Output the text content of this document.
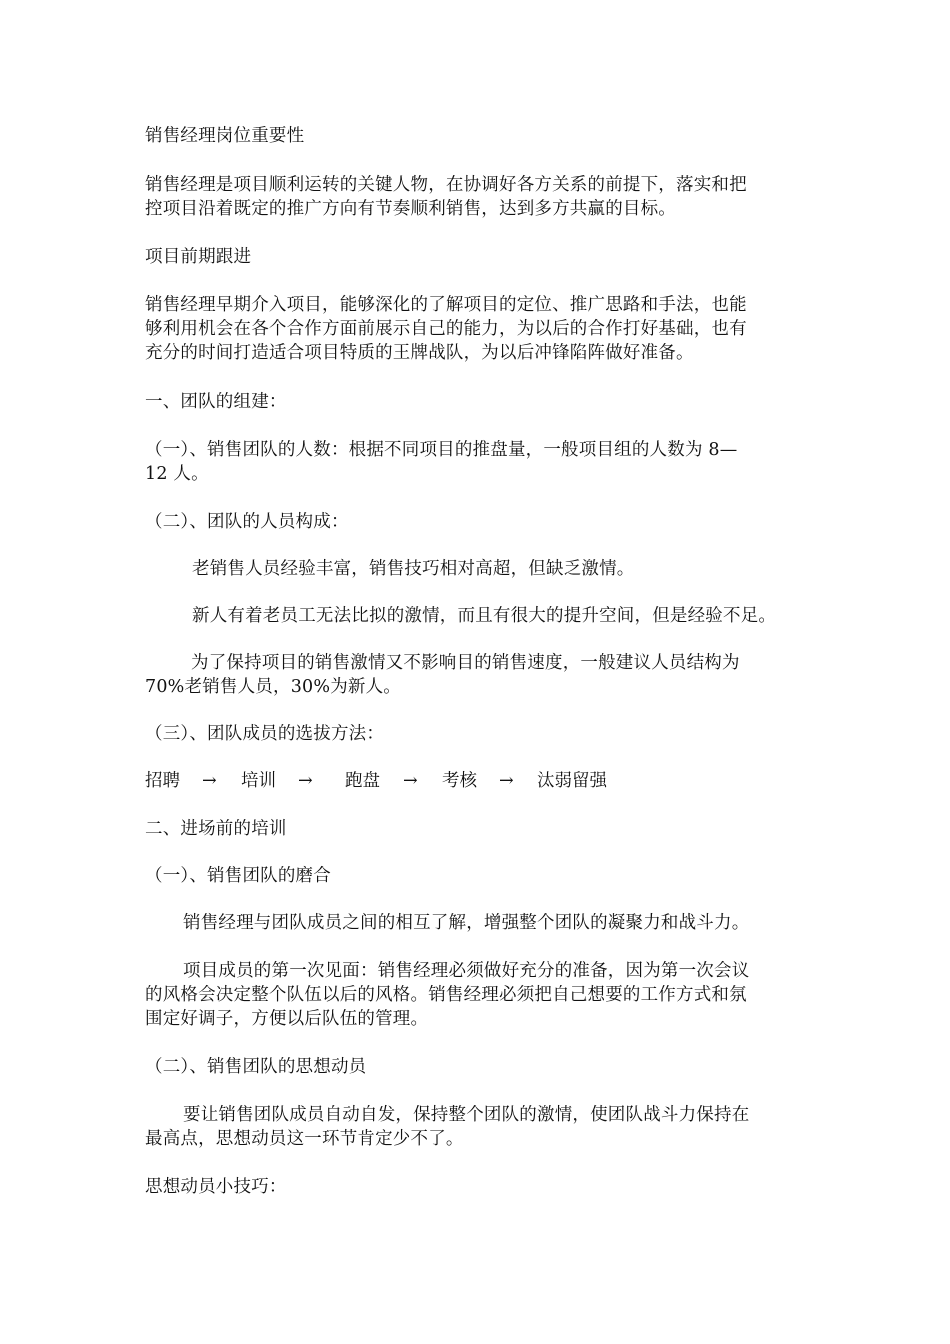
销售经理岗位重要性
销售经理是项目顺利运转的关键人物，在协调好各方关系的前提下，落实和把
控项目沿着既定的推广方向有节奏顺利销售，达到多方共赢的目标。
项目前期跟进
销售经理早期介入项目，能够深化的了解项目的定位、推广思路和手法，也能
够利用机会在各个合作方面前展示自己的能力，为以后的合作打好基础，也有
充分的时间打造适合项目特质的王牌战队，为以后冲锋陷阵做好准备。
一、团队的组建：
（一）、销售团队的人数：根据不同项目的推盘量，一般项目组的人数为 8—
12 人。
（二）、团队的人员构成：
老销售人员经验丰富，销售技巧相对高超，但缺乏激情。
新人有着老员工无法比拟的激情，而且有很大的提升空间，但是经验不足。
为了保持项目的销售激情又不影响目的销售速度，一般建议人员结构为
70%老销售人员，30%为新人。
（三）、团队成员的选拔方法：
招聘 → 培训 → 跑盘 → 考核 → 汰弱留强
二、进场前的培训
（一）、销售团队的磨合
销售经理与团队成员之间的相互了解，增强整个团队的凝聚力和战斗力。
项目成员的第一次见面：销售经理必须做好充分的准备，因为第一次会议
的风格会决定整个队伍以后的风格。销售经理必须把自己想要的工作方式和氛
围定好调子，方便以后队伍的管理。
（二）、销售团队的思想动员
要让销售团队成员自动自发，保持整个团队的激情，使团队战斗力保持在
最高点，思想动员这一环节肯定少不了。
思想动员小技巧：
